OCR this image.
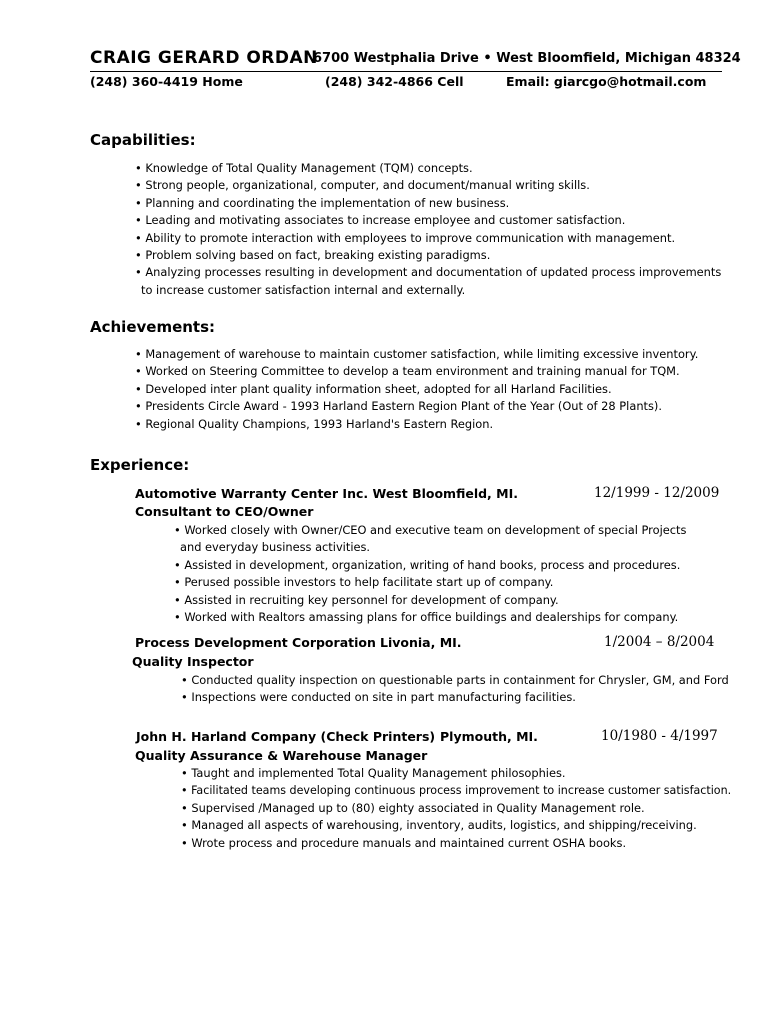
CRAIG GERARD ORDAN
6700 Westphalia Drive • West Bloomfield, Michigan 48324
(248) 360-4419 Home	(248) 342-4866 Cell	Email: giarcgo@hotmail.com
Capabilities:
• Knowledge of Total Quality Management (TQM) concepts.
• Strong people, organizational, computer, and document/manual writing skills.
• Planning and coordinating the implementation of new business.
• Leading and motivating associates to increase employee and customer satisfaction.
• Ability to promote interaction with employees to improve communication with management.
• Problem solving based on fact, breaking existing paradigms.
• Analyzing processes resulting in development and documentation of updated process improvements
to increase customer satisfaction internal and externally.
Achievements:
• Management of warehouse to maintain customer satisfaction, while limiting excessive inventory.
• Worked on Steering Committee to develop a team environment and training manual for TQM.
• Developed inter plant quality information sheet, adopted for all Harland Facilities.
• Presidents Circle Award - 1993 Harland Eastern Region Plant of the Year (Out of 28 Plants).
• Regional Quality Champions, 1993 Harland's Eastern Region.
Experience:
Automotive Warranty Center Inc. West Bloomfield, MI.	12/1999 - 12/2009
Consultant to CEO/Owner
• Worked closely with Owner/CEO and executive team on development of special Projects
and everyday business activities.
• Assisted in development, organization, writing of hand books, process and procedures.
• Perused possible investors to help facilitate start up of company.
• Assisted in recruiting key personnel for development of company.
• Worked with Realtors amassing plans for office buildings and dealerships for company.
Process Development Corporation Livonia, MI.	1/2004 – 8/2004
Quality Inspector
• Conducted quality inspection on questionable parts in containment for Chrysler, GM, and Ford
• Inspections were conducted on site in part manufacturing facilities.
John H. Harland Company (Check Printers) Plymouth, MI.	10/1980 - 4/1997
Quality Assurance & Warehouse Manager
• Taught and implemented Total Quality Management philosophies.
• Facilitated teams developing continuous process improvement to increase customer satisfaction.
• Supervised /Managed up to (80) eighty associated in Quality Management role.
• Managed all aspects of warehousing, inventory, audits, logistics, and shipping/receiving.
• Wrote process and procedure manuals and maintained current OSHA books.
